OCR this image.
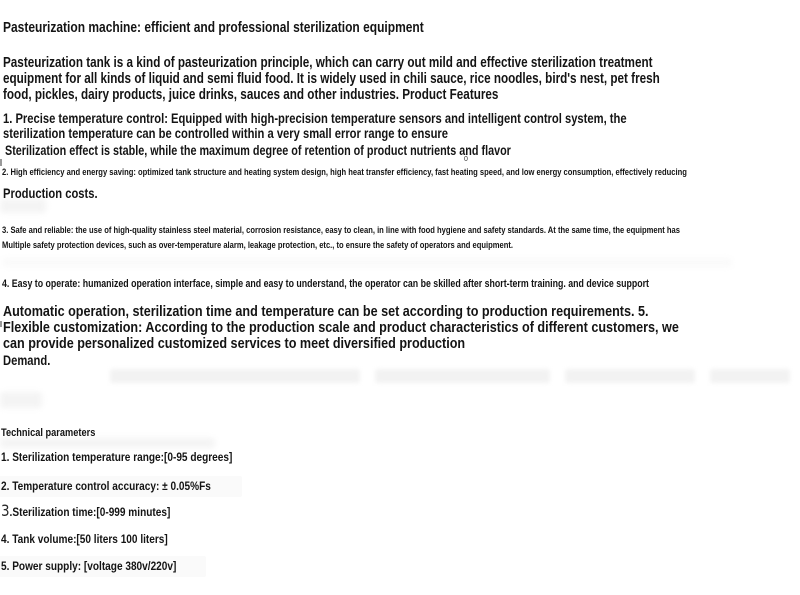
Pasteurization machine: efficient and professional sterilization equipment
Pasteurization tank is a kind of pasteurization principle, which can carry out mild and effective sterilization treatment
equipment for all kinds of liquid and semi fluid food. It is widely used in chili sauce, rice noodles, bird's nest, pet fresh
food, pickles, dairy products, juice drinks, sauces and other industries. Product Features
1. Precise temperature control: Equipped with high-precision temperature sensors and intelligent control system, the
sterilization temperature can be controlled within a very small error range to ensure
Sterilization effect is stable, while the maximum degree of retention of product nutrients and flavor
0
2. High efficiency and energy saving: optimized tank structure and heating system design, high heat transfer efficiency, fast heating speed, and low energy consumption, effectively reducing
Production costs.
3. Safe and reliable: the use of high-quality stainless steel material, corrosion resistance, easy to clean, in line with food hygiene and safety standards. At the same time, the equipment has
Multiple safety protection devices, such as over-temperature alarm, leakage protection, etc., to ensure the safety of operators and equipment.
4. Easy to operate: humanized operation interface, simple and easy to understand, the operator can be skilled after short-term training. and device support
Automatic operation, sterilization time and temperature can be set according to production requirements. 5.
Flexible customization: According to the production scale and product characteristics of different customers, we
can provide personalized customized services to meet diversified production
Demand.
Technical parameters
1. Sterilization temperature range:[0-95 degrees]
2. Temperature control accuracy: ± 0.05%Fs
3.Sterilization time:[0-999 minutes]
4. Tank volume:[50 liters 100 liters]
5. Power supply: [voltage 380v/220v]
